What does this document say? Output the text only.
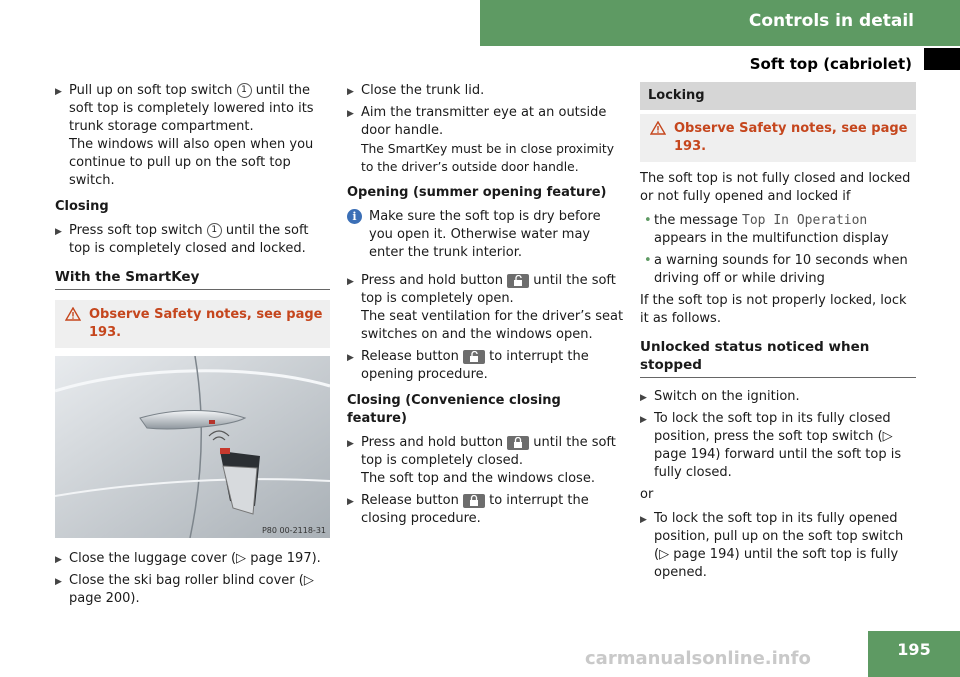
Controls in detail
Soft top (cabriolet)
▶ Pull up on soft top switch 1 until the soft top is completely lowered into its trunk storage compartment.

The windows will also open when you continue to pull up on the soft top switch.

Closing
▶ Press soft top switch 1 until the soft top is completely closed and locked.

With the SmartKey
Observe Safety notes, see page 193.
P80 00-2118-31
▶ Close the luggage cover (▷ page 197).

▶ Close the ski bag roller blind cover (▷ page 200).

▶ Close the trunk lid.

▶ Aim the transmitter eye at an outside door handle.

The SmartKey must be in close proximity to the driver’s outside door handle.

Opening (summer opening feature)
i Make sure the soft top is dry before you open it. Otherwise water may enter the trunk interior.
▶ Press and hold button until the soft top is completely open.

The seat ventilation for the driver’s seat switches on and the windows open.

▶ Release button to interrupt the opening procedure.

Closing (Convenience closing feature)
▶ Press and hold button until the soft top is completely closed.

The soft top and the windows close.

▶ Release button to interrupt the closing procedure.

Locking
Observe Safety notes, see page 193.

The soft top is not fully closed and locked or not fully opened and locked if

• the message Top In Operation appears in the multifunction display
• a warning sounds for 10 seconds when driving off or while driving

If the soft top is not properly locked, lock it as follows.

Unlocked status noticed when stopped
▶ Switch on the ignition.

▶ To lock the soft top in its fully closed position, press the soft top switch (▷ page 194) forward until the soft top is fully closed.

or

▶ To lock the soft top in its fully opened position, pull up on the soft top switch (▷ page 194) until the soft top is fully opened.

carmanualsonline.info	195
